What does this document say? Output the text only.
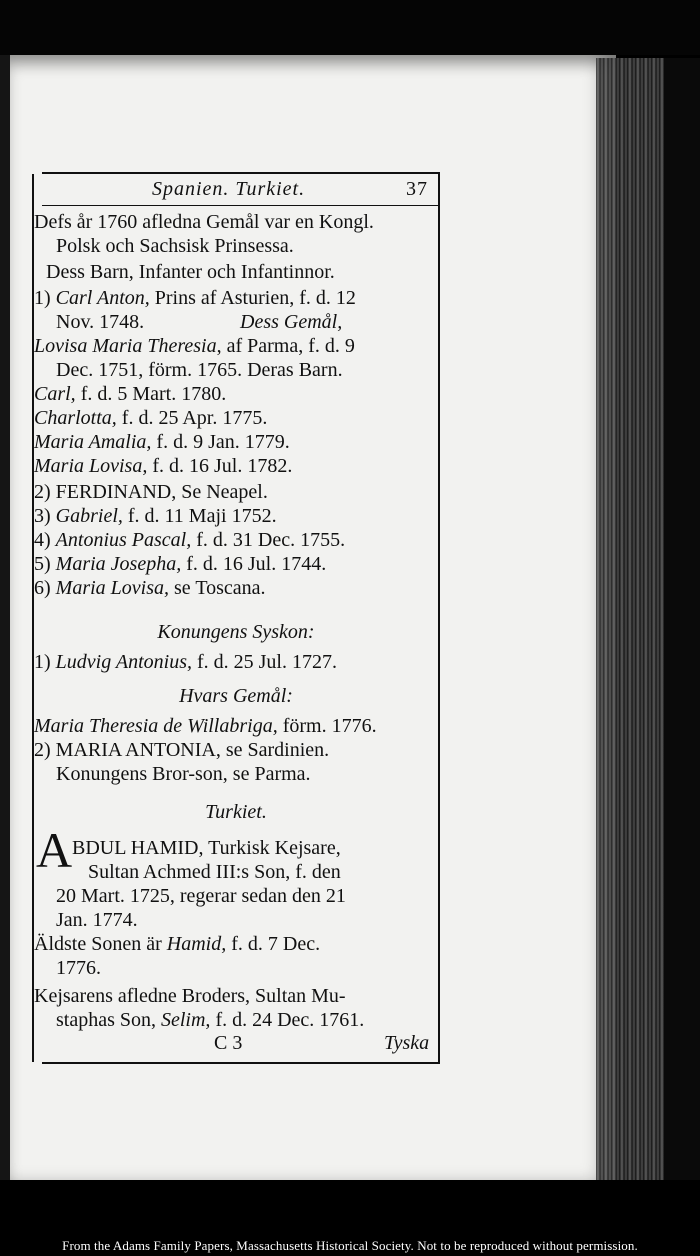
Spanien. Turkiet.	37
Defs år 1760 afledna Gemål var en Kongl.
Polsk och Sachsisk Prinsessa.
Dess Barn, Infanter och Infantinnor.
1) Carl Anton, Prins af Asturien, f. d. 12
Nov. 1748.	Dess Gemål,
Lovisa Maria Theresia, af Parma, f. d. 9
Dec. 1751, förm. 1765. Deras Barn.
Carl, f. d. 5 Mart. 1780.
Charlotta, f. d. 25 Apr. 1775.
Maria Amalia, f. d. 9 Jan. 1779.
Maria Lovisa, f. d. 16 Jul. 1782.
2) FERDINAND, Se Neapel.
3) Gabriel, f. d. 11 Maji 1752.
4) Antonius Pascal, f. d. 31 Dec. 1755.
5) Maria Josepha, f. d. 16 Jul. 1744.
6) Maria Lovisa, se Toscana.
Konungens Syskon:
1) Ludvig Antonius, f. d. 25 Jul. 1727.
Hvars Gemål:
Maria Theresia de Willabriga, förm. 1776.
2) MARIA ANTONIA, se Sardinien.
Konungens Bror-son, se Parma.
Turkiet.
A BDUL HAMID, Turkisk Kejsare,
Sultan Achmed III:s Son, f. den
20 Mart. 1725, regerar sedan den 21
Jan. 1774.
Äldste Sonen är Hamid, f. d. 7 Dec.
1776.
Kejsarens afledne Broders, Sultan Mu-
staphas Son, Selim, f. d. 24 Dec. 1761.
C 3	Tyska
From the Adams Family Papers, Massachusetts Historical Society. Not to be reproduced without permission.
